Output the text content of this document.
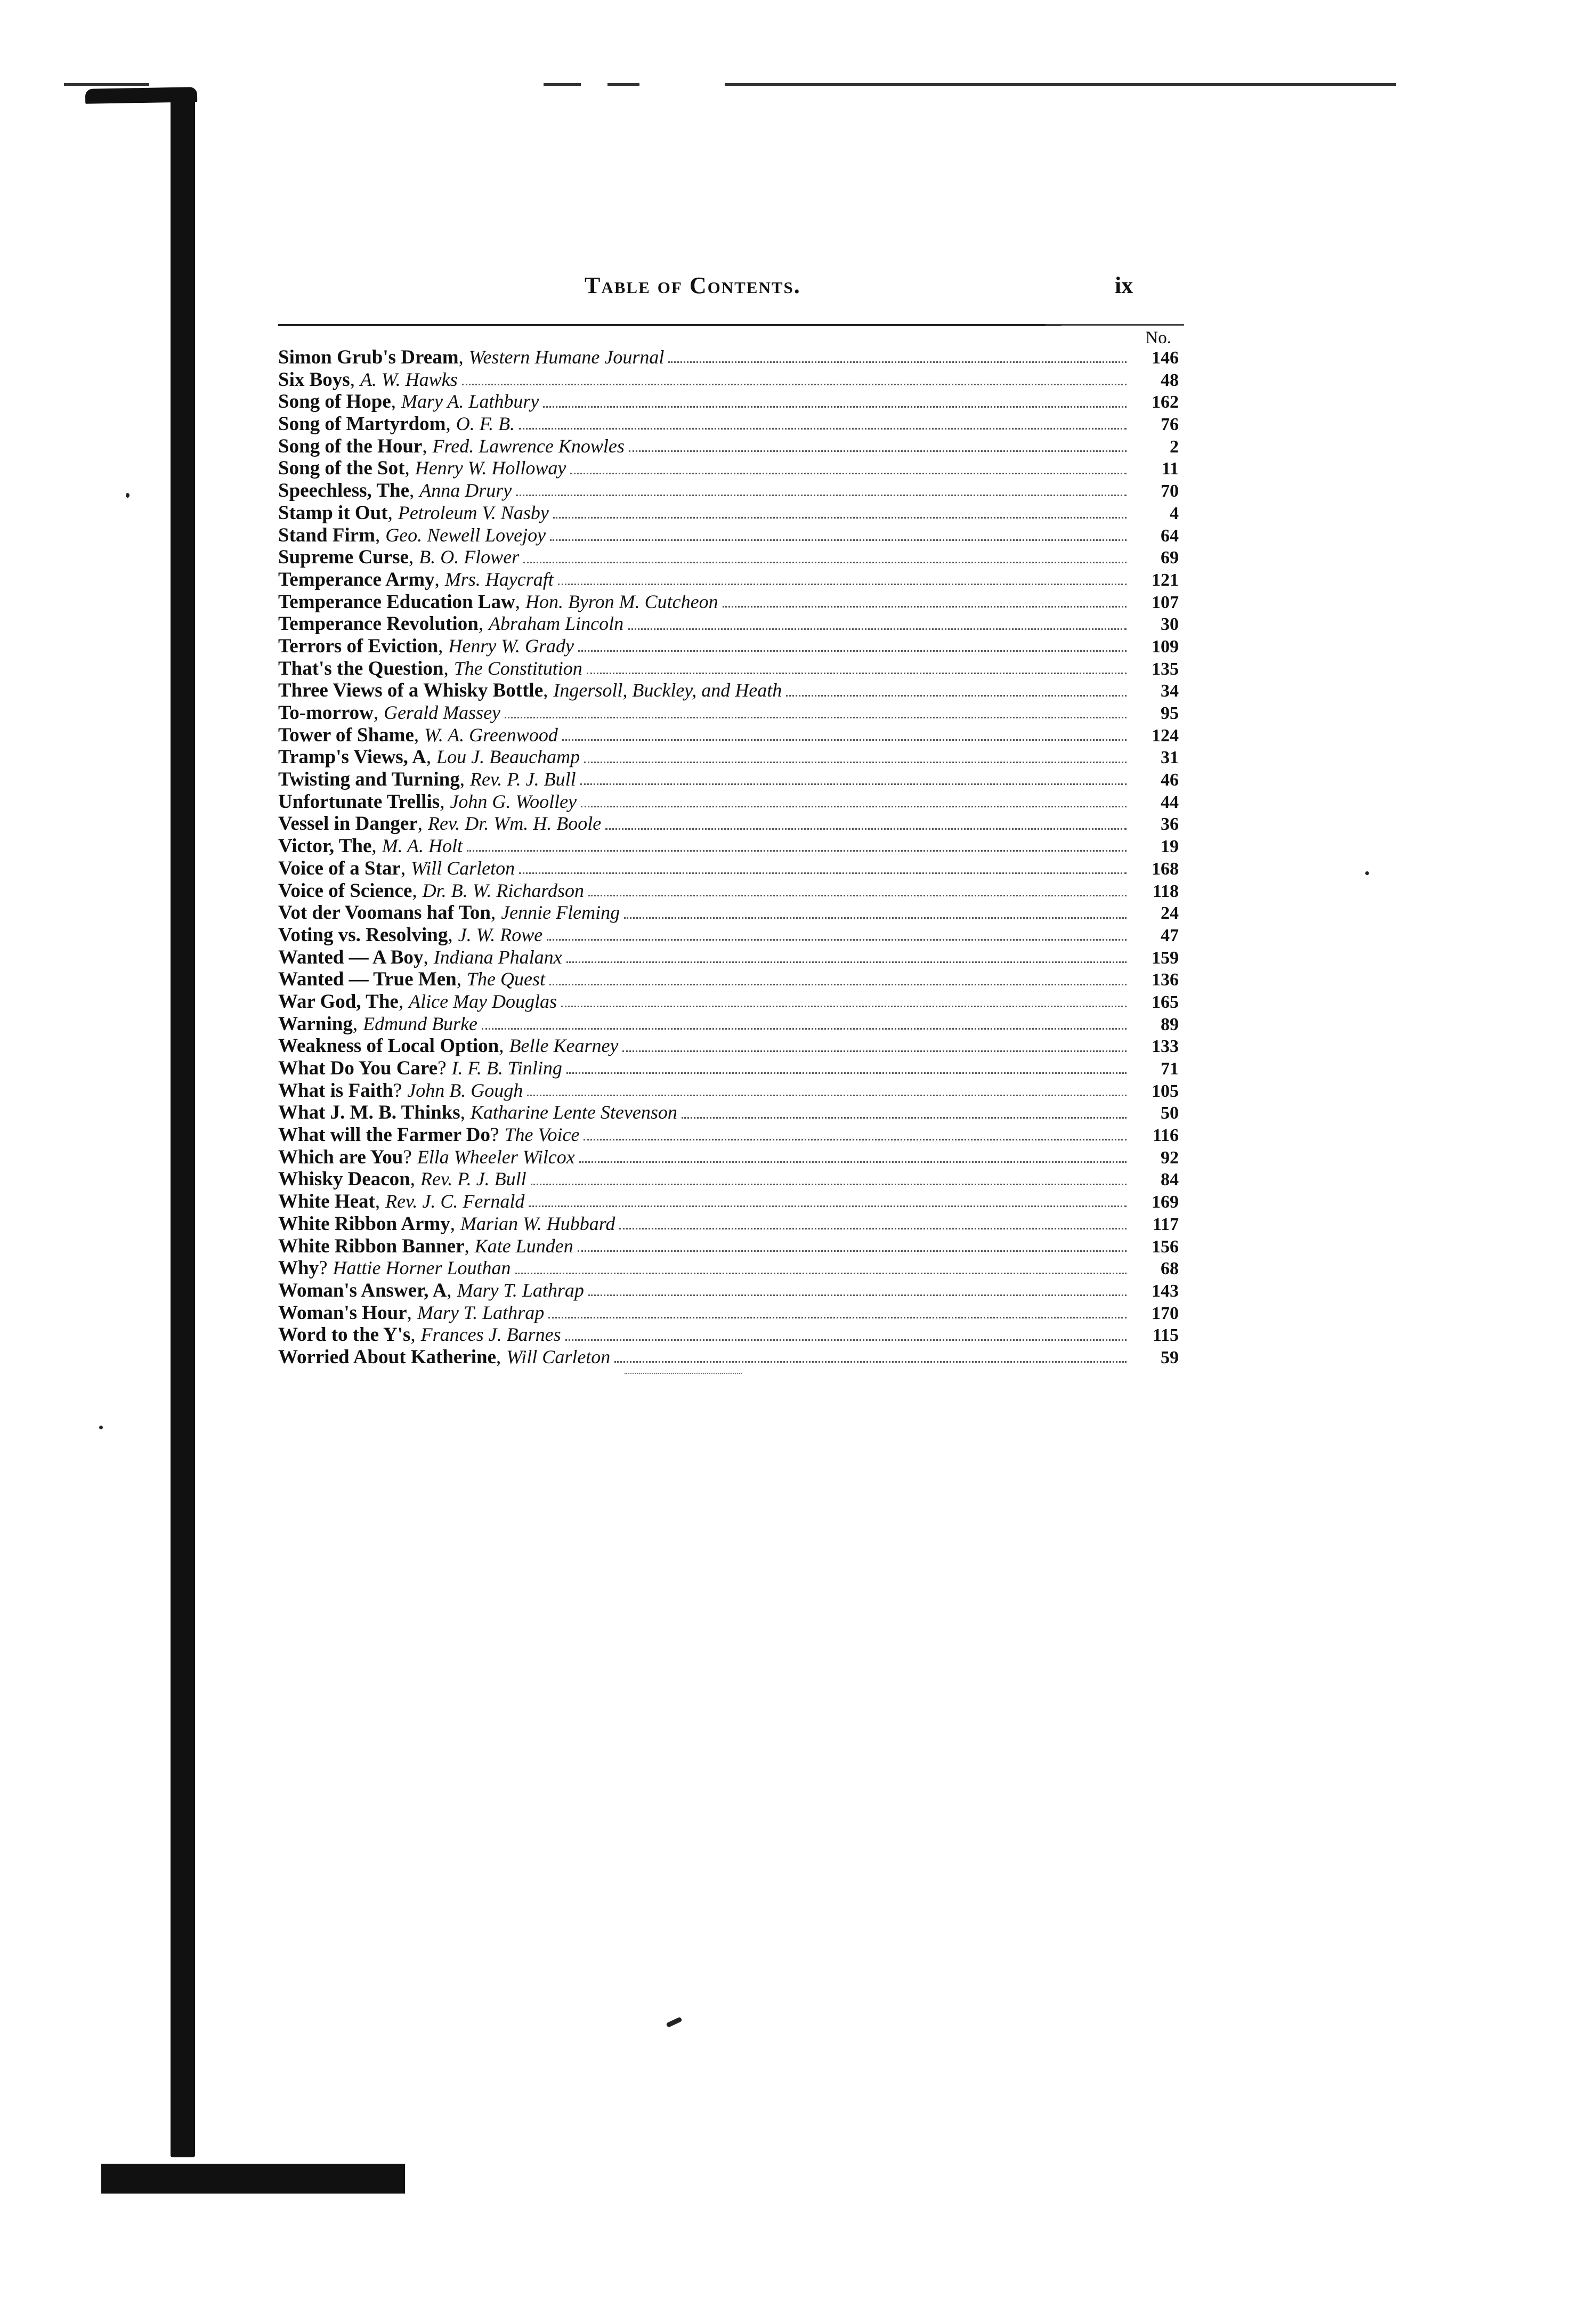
Table of Contents.	ix
No.
Simon Grub's Dream , Western Humane Journal	146
Six Boys , A. W. Hawks	48
Song of Hope , Mary A. Lathbury	162
Song of Martyrdom , O. F. B.	76
Song of the Hour , Fred. Lawrence Knowles	2
Song of the Sot , Henry W. Holloway	11
Speechless, The , Anna Drury	70
Stamp it Out , Petroleum V. Nasby	4
Stand Firm , Geo. Newell Lovejoy	64
Supreme Curse , B. O. Flower	69
Temperance Army , Mrs. Haycraft	121
Temperance Education Law , Hon. Byron M. Cutcheon	107
Temperance Revolution , Abraham Lincoln	30
Terrors of Eviction , Henry W. Grady	109
That's the Question , The Constitution	135
Three Views of a Whisky Bottle , Ingersoll, Buckley, and Heath	34
To-morrow , Gerald Massey	95
Tower of Shame , W. A. Greenwood	124
Tramp's Views, A , Lou J. Beauchamp	31
Twisting and Turning , Rev. P. J. Bull	46
Unfortunate Trellis , John G. Woolley	44
Vessel in Danger , Rev. Dr. Wm. H. Boole	36
Victor, The , M. A. Holt	19
Voice of a Star , Will Carleton	168
Voice of Science , Dr. B. W. Richardson	118
Vot der Voomans haf Ton , Jennie Fleming	24
Voting vs. Resolving , J. W. Rowe	47
Wanted — A Boy , Indiana Phalanx	159
Wanted — True Men , The Quest	136
War God, The , Alice May Douglas	165
Warning , Edmund Burke	89
Weakness of Local Option , Belle Kearney	133
What Do You Care ? I. F. B. Tinling	71
What is Faith ? John B. Gough	105
What J. M. B. Thinks , Katharine Lente Stevenson	50
What will the Farmer Do ? The Voice	116
Which are You ? Ella Wheeler Wilcox	92
Whisky Deacon , Rev. P. J. Bull	84
White Heat , Rev. J. C. Fernald	169
White Ribbon Army , Marian W. Hubbard	117
White Ribbon Banner , Kate Lunden	156
Why ? Hattie Horner Louthan	68
Woman's Answer, A , Mary T. Lathrap	143
Woman's Hour , Mary T. Lathrap	170
Word to the Y's , Frances J. Barnes	115
Worried About Katherine , Will Carleton	59
